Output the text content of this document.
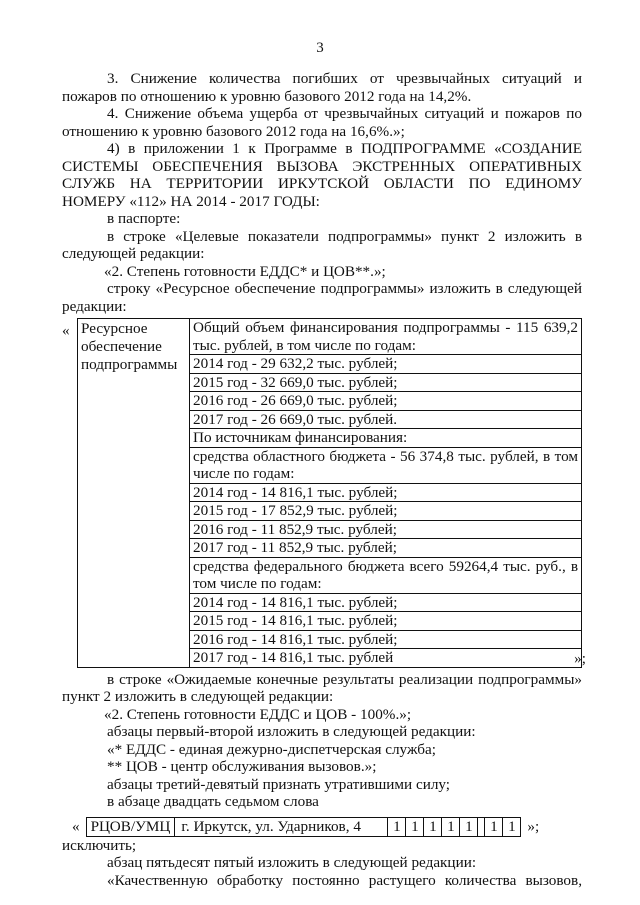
3

3. Снижение количества погибших от чрезвычайных ситуаций и пожаров по отношению к уровню базового 2012 года на 14,2%.

4. Снижение объема ущерба от чрезвычайных ситуаций и пожаров по отношению к уровню базового 2012 года на 16,6%.»;

4) в приложении 1 к Программе в ПОДПРОГРАММЕ «СОЗДАНИЕ СИСТЕМЫ ОБЕСПЕЧЕНИЯ ВЫЗОВА ЭКСТРЕННЫХ ОПЕРАТИВНЫХ СЛУЖБ НА ТЕРРИТОРИИ ИРКУТСКОЙ ОБЛАСТИ ПО ЕДИНОМУ НОМЕРУ «112» НА 2014 - 2017 ГОДЫ:

в паспорте:

в строке «Целевые показатели подпрограммы» пункт 2 изложить в следующей редакции:

«2. Степень готовности ЕДДС* и ЦОВ**.»;

строку «Ресурсное обеспечение подпрограммы» изложить в следующей редакции:

« Ресурсное обеспечение подпрограммы	
Общий объем финансирования подпрограммы - 115 639,2 тыс. рублей, в том числе по годам:
2014 год - 29 632,2 тыс. рублей;
2015 год - 32 669,0 тыс. рублей;
2016 год - 26 669,0 тыс. рублей;
2017 год - 26 669,0 тыс. рублей.
По источникам финансирования:
средства областного бюджета - 56 374,8 тыс. рублей, в том числе по годам:
2014 год - 14 816,1 тыс. рублей;
2015 год - 17 852,9 тыс. рублей;
2016 год - 11 852,9 тыс. рублей;
2017 год - 11 852,9 тыс. рублей;
средства федерального бюджета всего 59264,4 тыс. руб., в том числе по годам:
2014 год - 14 816,1 тыс. рублей;
2015 год - 14 816,1 тыс. рублей;
2016 год - 14 816,1 тыс. рублей;
2017 год - 14 816,1 тыс. рублей	»;

в строке «Ожидаемые конечные результаты реализации подпрограммы» пункт 2 изложить в следующей редакции:

«2. Степень готовности ЕДДС и ЦОВ - 100%.»;

абзацы первый-второй изложить в следующей редакции:

«* ЕДДС - единая дежурно-диспетчерская служба;

** ЦОВ - центр обслуживания вызовов.»;

абзацы третий-девятый признать утратившими силу;

в абзаце двадцать седьмом слова

« РЦОВ/УМЦ г. Иркутск, ул. Ударников, 4	1 1 1 1 1	1 1 »;

исключить;

абзац пятьдесят пятый изложить в следующей редакции:

«Качественную обработку постоянно растущего количества вызовов,
